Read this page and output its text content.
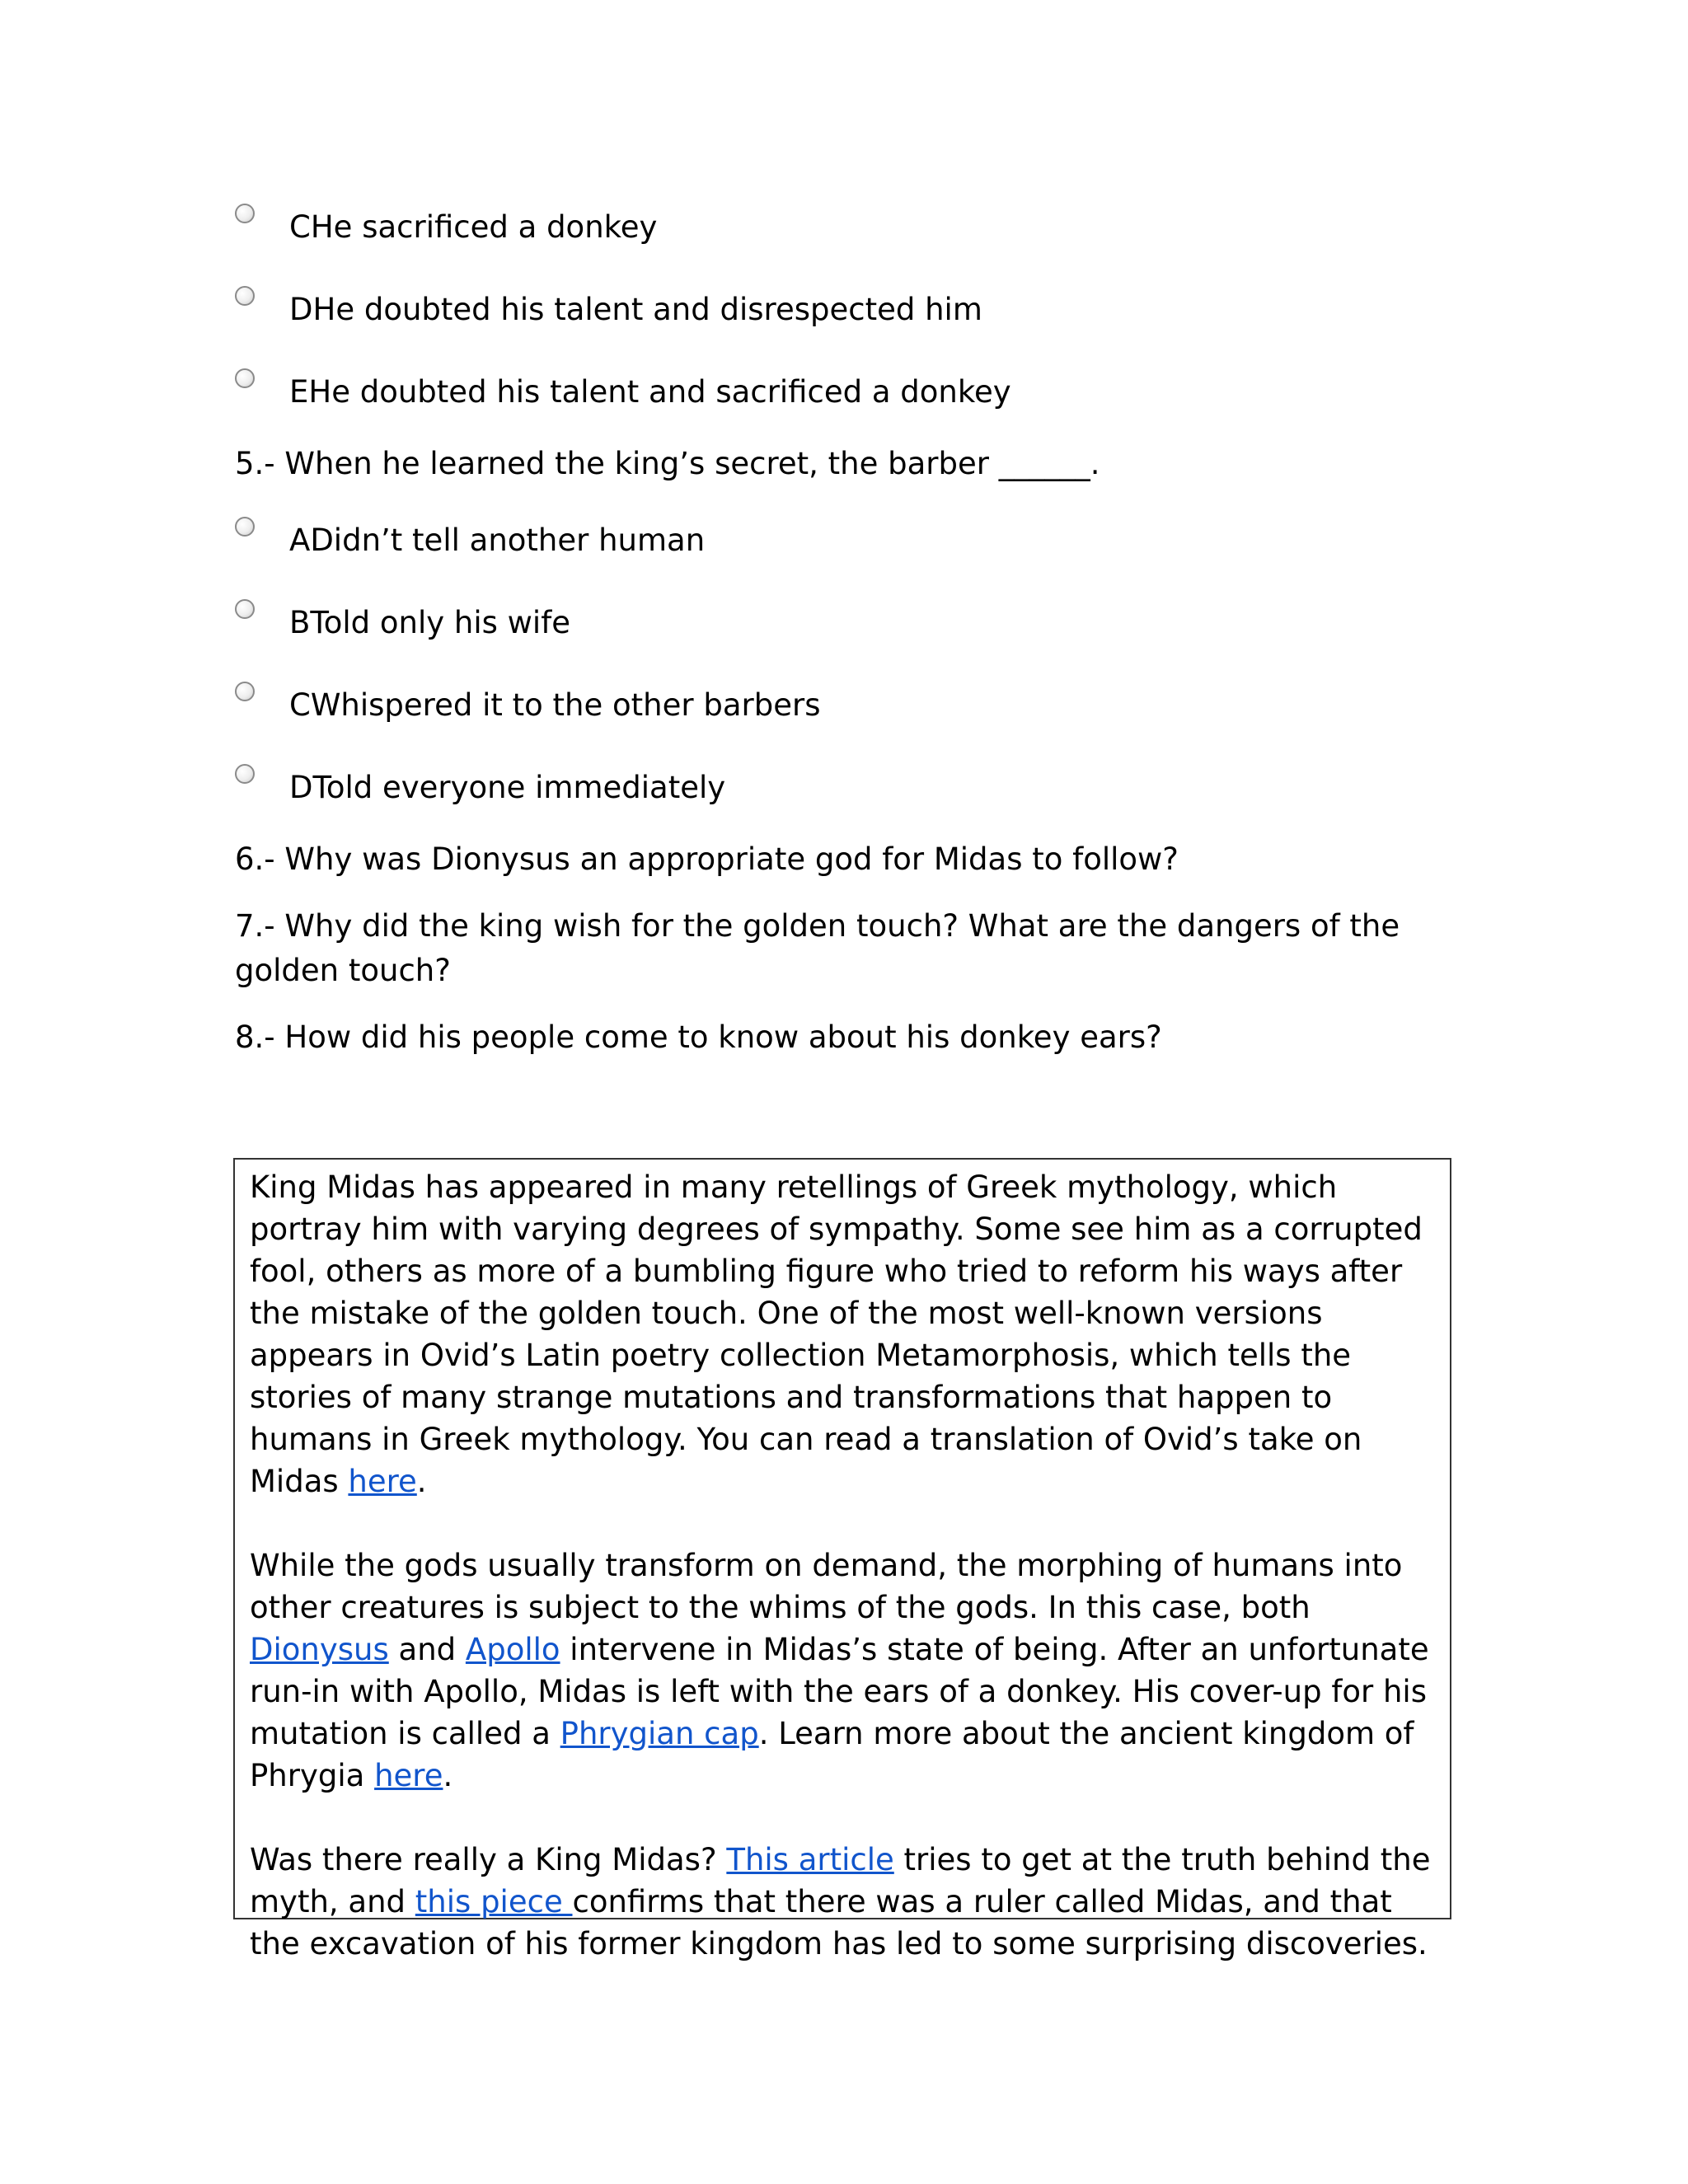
CHe sacrificed a donkey
DHe doubted his talent and disrespected him
EHe doubted his talent and sacrificed a donkey
5.- When he learned the king’s secret, the barber ______.
ADidn’t tell another human
BTold only his wife
CWhispered it to the other barbers
DTold everyone immediately
6.- Why was Dionysus an appropriate god for Midas to follow?
7.- Why did the king wish for the golden touch? What are the dangers of the golden touch?
8.- How did his people come to know about his donkey ears?

King Midas has appeared in many retellings of Greek mythology, which portray him with varying degrees of sympathy. Some see him as a corrupted fool, others as more of a bumbling figure who tried to reform his ways after the mistake of the golden touch. One of the most well-known versions appears in Ovid’s Latin poetry collection Metamorphosis, which tells the stories of many strange mutations and transformations that happen to humans in Greek mythology. You can read a translation of Ovid’s take on Midas here.

While the gods usually transform on demand, the morphing of humans into other creatures is subject to the whims of the gods. In this case, both Dionysus and Apollo intervene in Midas’s state of being. After an unfortunate run-in with Apollo, Midas is left with the ears of a donkey. His cover-up for his mutation is called a Phrygian cap. Learn more about the ancient kingdom of Phrygia here.

Was there really a King Midas? This article tries to get at the truth behind the myth, and this piece confirms that there was a ruler called Midas, and that the excavation of his former kingdom has led to some surprising discoveries.
